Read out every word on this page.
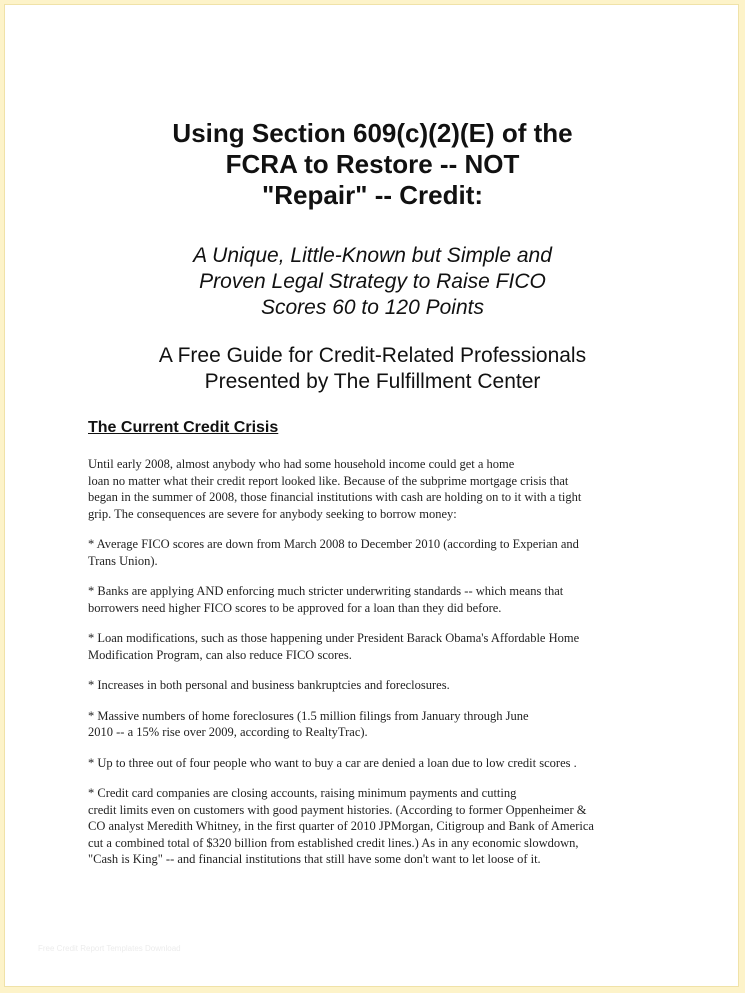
Using Section 609(c)(2)(E) of the
FCRA to Restore -- NOT
"Repair" -- Credit:
A Unique, Little-Known but Simple and
Proven Legal Strategy to Raise FICO
Scores 60 to 120 Points
A Free Guide for Credit-Related Professionals
Presented by The Fulfillment Center
The Current Credit Crisis
Until early 2008, almost anybody who had some household income could get a home
loan no matter what their credit report looked like. Because of the subprime mortgage crisis that
began in the summer of 2008, those financial institutions with cash are holding on to it with a tight
grip. The consequences are severe for anybody seeking to borrow money:
* Average FICO scores are down from March 2008 to December 2010 (according to Experian and
Trans Union).
* Banks are applying AND enforcing much stricter underwriting standards -- which means that
borrowers need higher FICO scores to be approved for a loan than they did before.
* Loan modifications, such as those happening under President Barack Obama's Affordable Home
Modification Program, can also reduce FICO scores.
* Increases in both personal and business bankruptcies and foreclosures.
* Massive numbers of home foreclosures (1.5 million filings from January through June
2010 -- a 15% rise over 2009, according to RealtyTrac).
* Up to three out of four people who want to buy a car are denied a loan due to low credit scores .
* Credit card companies are closing accounts, raising minimum payments and cutting
credit limits even on customers with good payment histories. (According to former Oppenheimer &
CO analyst Meredith Whitney, in the first quarter of 2010 JPMorgan, Citigroup and Bank of America
cut a combined total of $320 billion from established credit lines.) As in any economic slowdown,
"Cash is King" -- and financial institutions that still have some don't want to let loose of it.
Free Credit Report Templates Download
